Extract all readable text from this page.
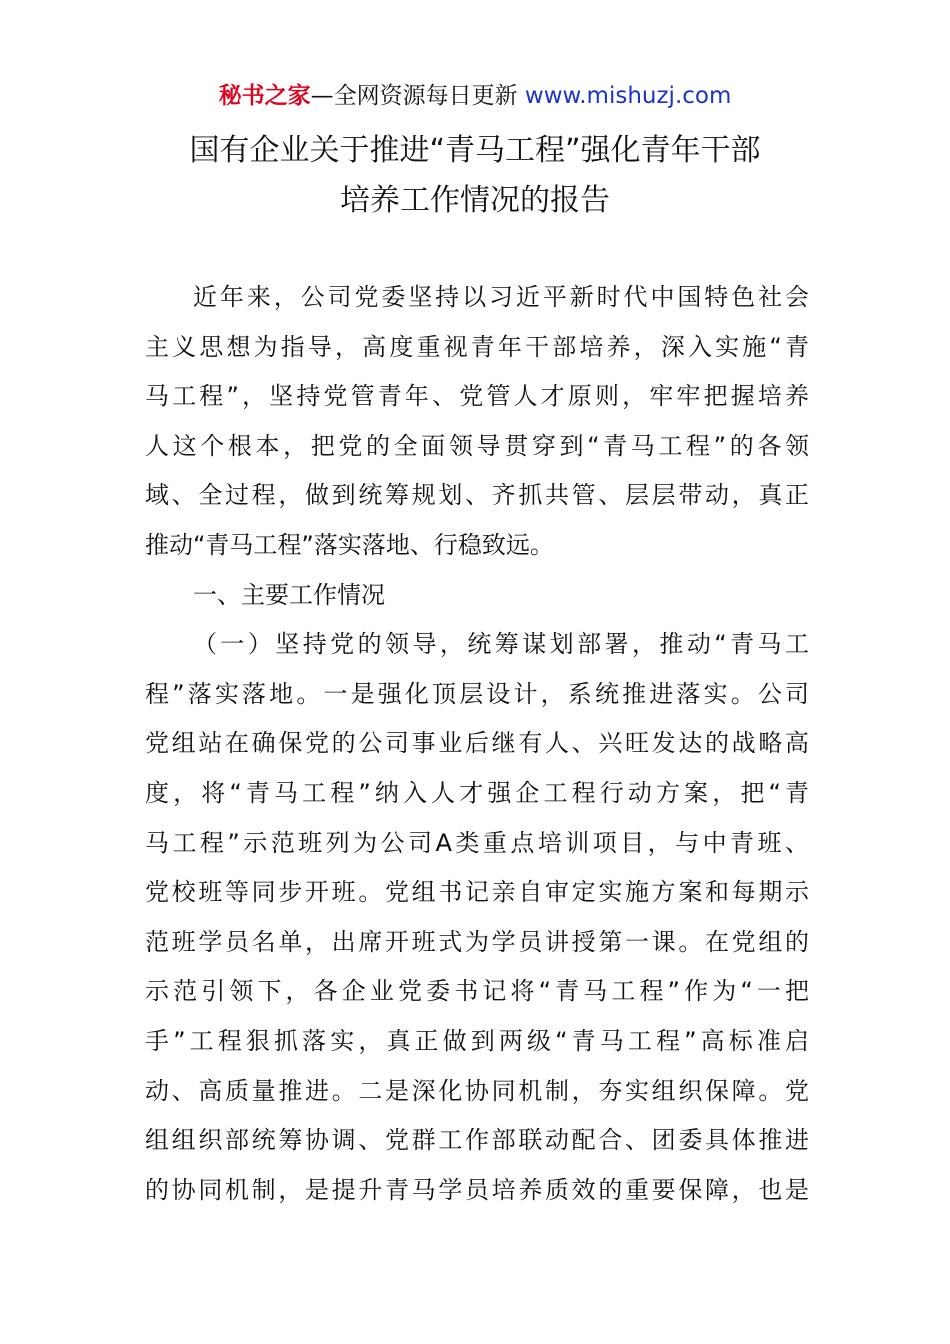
秘书之家—全网资源每日更新 www.mishuzj.com
国有企业关于推进“青马工程”强化青年干部
培养工作情况的报告
近年来，公司党委坚持以习近平新时代中国特色社会
主义思想为指导，高度重视青年干部培养，深入实施“青
马工程”，坚持党管青年、党管人才原则，牢牢把握培养
人这个根本，把党的全面领导贯穿到“青马工程”的各领
域、全过程，做到统筹规划、齐抓共管、层层带动，真正
推动“青马工程”落实落地、行稳致远。
一、主要工作情况
（一）坚持党的领导，统筹谋划部署，推动“青马工
程”落实落地。一是强化顶层设计，系统推进落实。公司
党组站在确保党的公司事业后继有人、兴旺发达的战略高
度，将“青马工程”纳入人才强企工程行动方案，把“青
马工程”示范班列为公司A类重点培训项目，与中青班、
党校班等同步开班。党组书记亲自审定实施方案和每期示
范班学员名单，出席开班式为学员讲授第一课。在党组的
示范引领下，各企业党委书记将“青马工程”作为“一把
手”工程狠抓落实，真正做到两级“青马工程”高标准启
动、高质量推进。二是深化协同机制，夯实组织保障。党
组组织部统筹协调、党群工作部联动配合、团委具体推进
的协同机制，是提升青马学员培养质效的重要保障，也是
